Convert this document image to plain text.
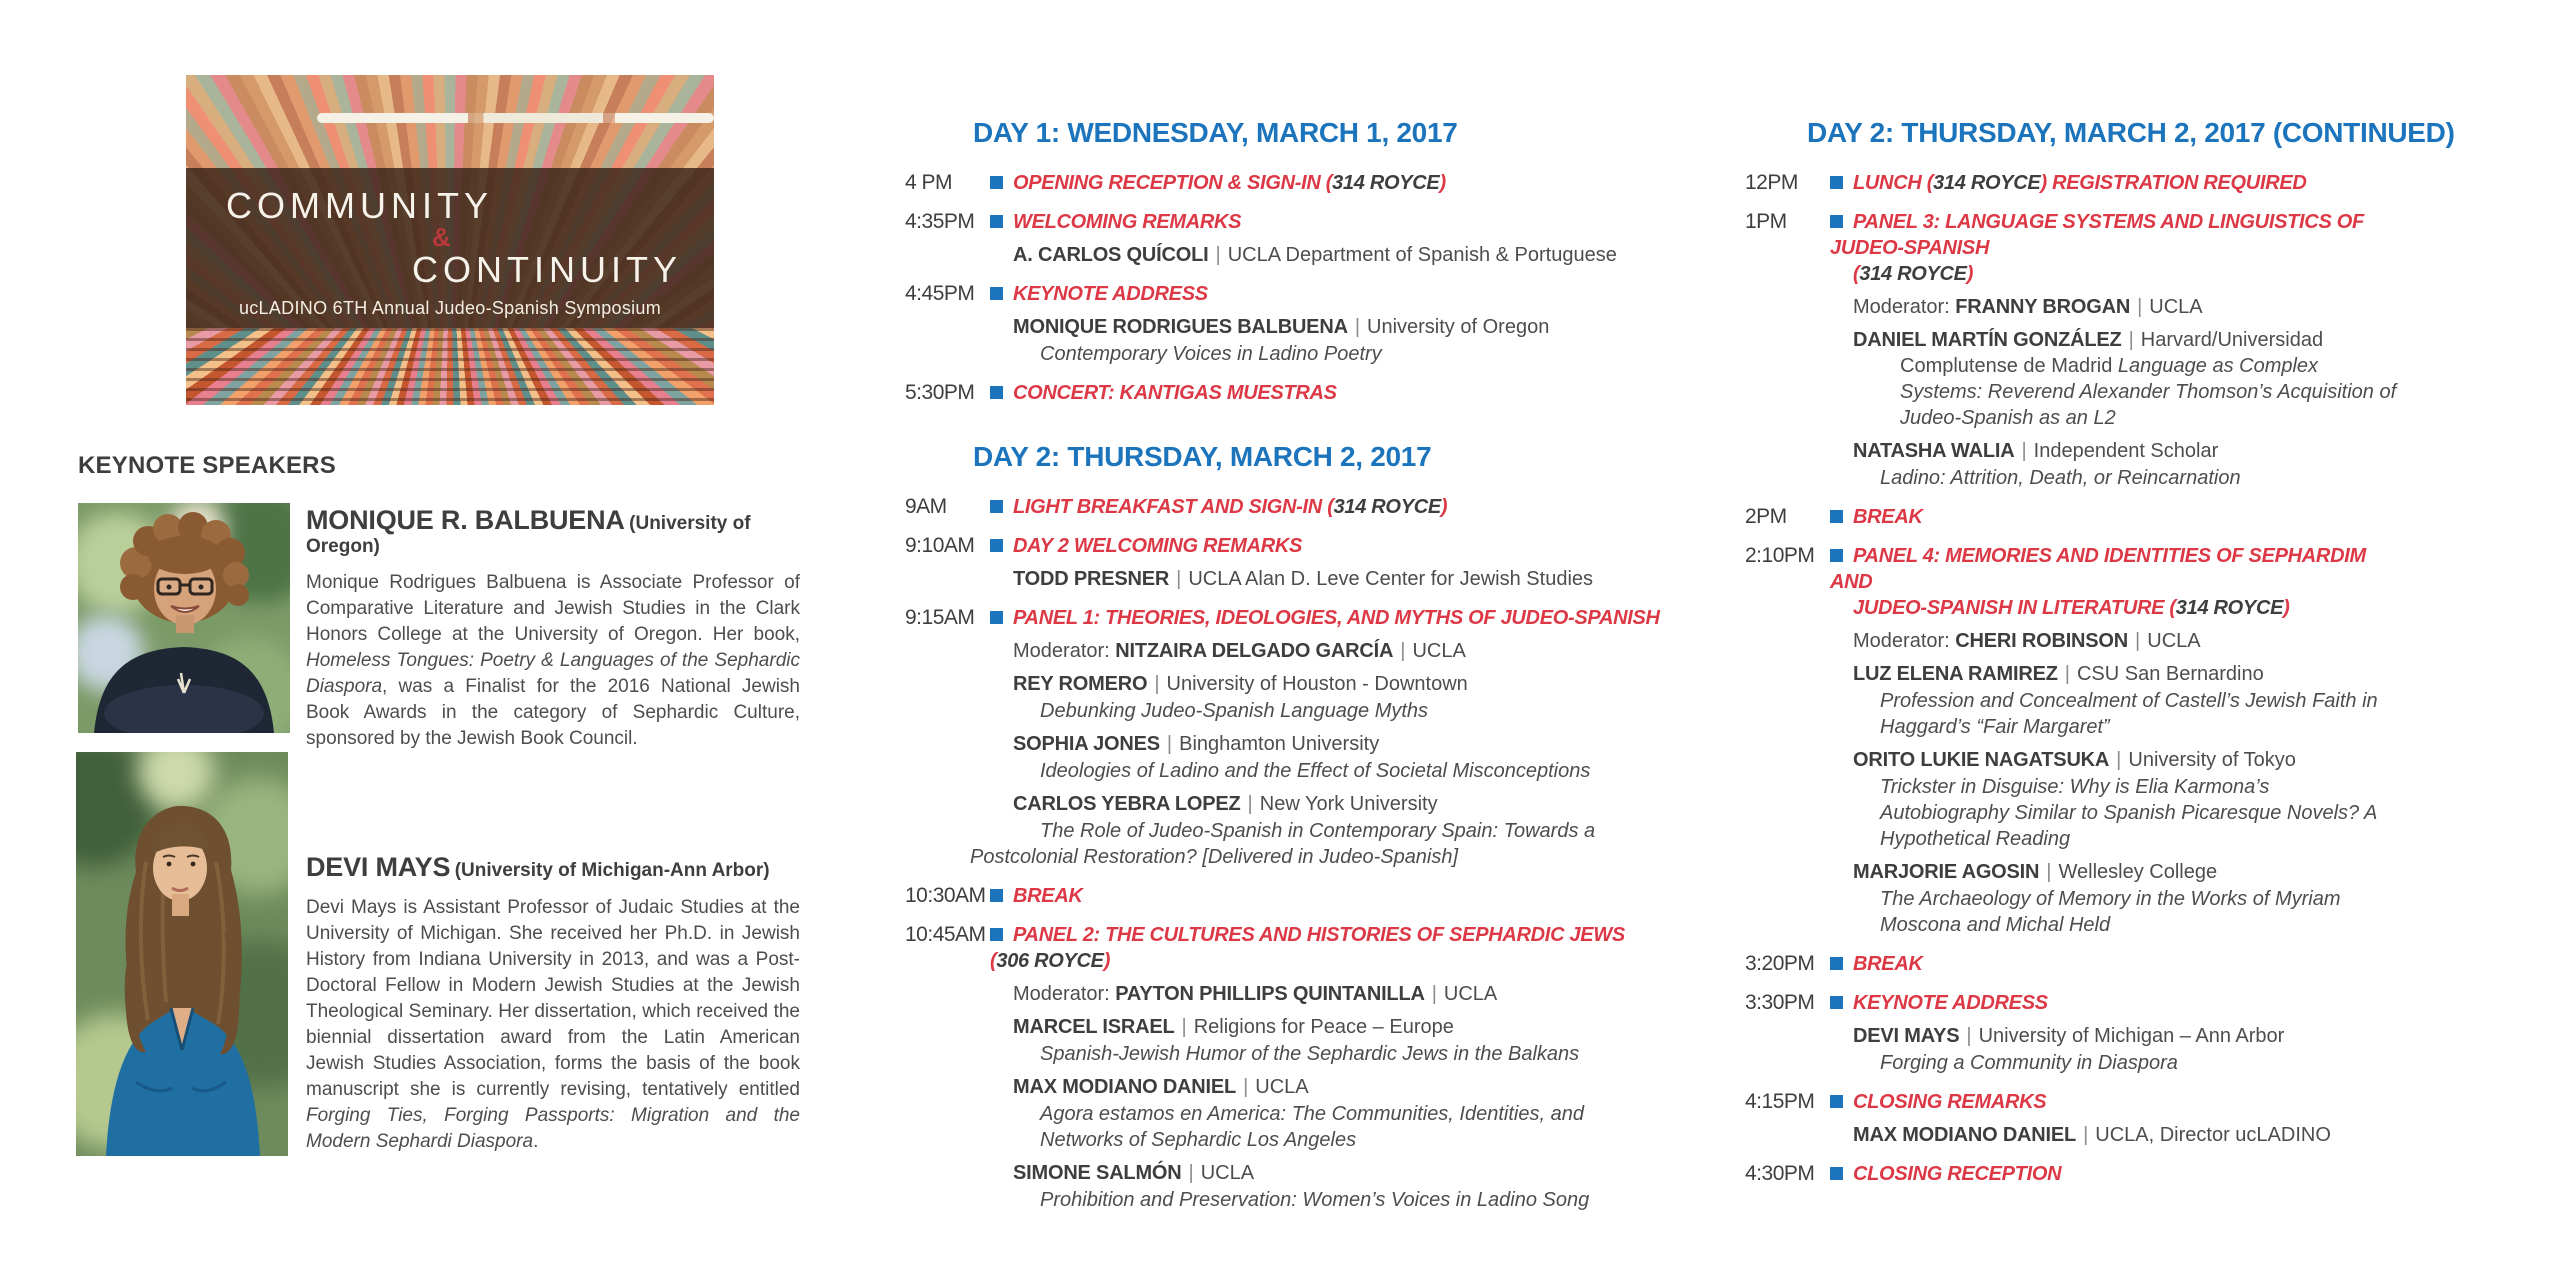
COMMUNITY
&
CONTINUITY
ucLADINO 6TH Annual Judeo-Spanish Symposium
KEYNOTE SPEAKERS
MONIQUE R. BALBUENA (University of Oregon)
Monique Rodrigues Balbuena is Associate Professor of Comparative Literature and Jewish Studies in the Clark Honors College at the University of Oregon. Her book, Homeless Tongues: Poetry & Languages of the Sephardic Diaspora, was a Finalist for the 2016 National Jewish Book Awards in the category of Sephardic Culture, sponsored by the Jewish Book Council.
DEVI MAYS (University of Michigan-Ann Arbor)
Devi Mays is Assistant Professor of Judaic Studies at the University of Michigan. She received her Ph.D. in Jewish History from Indiana University in 2013, and was a Post-Doctoral Fellow in Modern Jewish Studies at the Jewish Theological Seminary. Her dissertation, which received the biennial dissertation award from the Latin American Jewish Studies Association, forms the basis of the book manuscript she is currently revising, tentatively entitled Forging Ties, Forging Passports: Migration and the Modern Sephardi Diaspora.
DAY 1: WEDNESDAY, MARCH 1, 2017
4 PM	OPENING RECEPTION & SIGN-IN (314 ROYCE)
4:35PM	WELCOMING REMARKS
A. CARLOS QUÍCOLI | UCLA Department of Spanish & Portuguese
4:45PM	KEYNOTE ADDRESS
MONIQUE RODRIGUES BALBUENA | University of Oregon
Contemporary Voices in Ladino Poetry
5:30PM	CONCERT: KANTIGAS MUESTRAS
DAY 2: THURSDAY, MARCH 2, 2017
9AM	LIGHT BREAKFAST AND SIGN-IN (314 ROYCE)
9:10AM	DAY 2 WELCOMING REMARKS
TODD PRESNER | UCLA Alan D. Leve Center for Jewish Studies
9:15AM	PANEL 1: THEORIES, IDEOLOGIES, AND MYTHS OF JUDEO-SPANISH
Moderator: NITZAIRA DELGADO GARCÍA | UCLA
REY ROMERO | University of Houston - Downtown
Debunking Judeo-Spanish Language Myths
SOPHIA JONES | Binghamton University
Ideologies of Ladino and the Effect of Societal Misconceptions
CARLOS YEBRA LOPEZ | New York University
The Role of Judeo-Spanish in Contemporary Spain: Towards a Postcolonial Restoration? [Delivered in Judeo-Spanish]
10:30AM	BREAK
10:45AM	PANEL 2: THE CULTURES AND HISTORIES OF SEPHARDIC JEWS (306 ROYCE)
Moderator: PAYTON PHILLIPS QUINTANILLA | UCLA
MARCEL ISRAEL | Religions for Peace – Europe
Spanish-Jewish Humor of the Sephardic Jews in the Balkans
MAX MODIANO DANIEL | UCLA
Agora estamos en America: The Communities, Identities, and Networks of Sephardic Los Angeles
SIMONE SALMÓN | UCLA
Prohibition and Preservation: Women’s Voices in Ladino Song
DAY 2: THURSDAY, MARCH 2, 2017 (CONTINUED)
12PM	LUNCH (314 ROYCE) REGISTRATION REQUIRED
1PM	PANEL 3: LANGUAGE SYSTEMS AND LINGUISTICS OF JUDEO-SPANISH
(314 ROYCE)
Moderator: FRANNY BROGAN | UCLA
DANIEL MARTÍN GONZÁLEZ | Harvard/Universidad Complutense de Madrid Language as Complex Systems: Reverend Alexander Thomson’s Acquisition of Judeo-Spanish as an L2
NATASHA WALIA | Independent Scholar
Ladino: Attrition, Death, or Reincarnation
2PM	BREAK
2:10PM	PANEL 4: MEMORIES AND IDENTITIES OF SEPHARDIM AND
JUDEO-SPANISH IN LITERATURE (314 ROYCE)
Moderator: CHERI ROBINSON | UCLA
LUZ ELENA RAMIREZ | CSU San Bernardino
Profession and Concealment of Castell’s Jewish Faith in Haggard’s “Fair Margaret”
ORITO LUKIE NAGATSUKA | University of Tokyo
Trickster in Disguise: Why is Elia Karmona’s Autobiography Similar to Spanish Picaresque Novels? A Hypothetical Reading
MARJORIE AGOSIN | Wellesley College
The Archaeology of Memory in the Works of Myriam Moscona and Michal Held
3:20PM	BREAK
3:30PM	KEYNOTE ADDRESS
DEVI MAYS | University of Michigan – Ann Arbor
Forging a Community in Diaspora
4:15PM	CLOSING REMARKS
MAX MODIANO DANIEL | UCLA, Director ucLADINO
4:30PM	CLOSING RECEPTION
